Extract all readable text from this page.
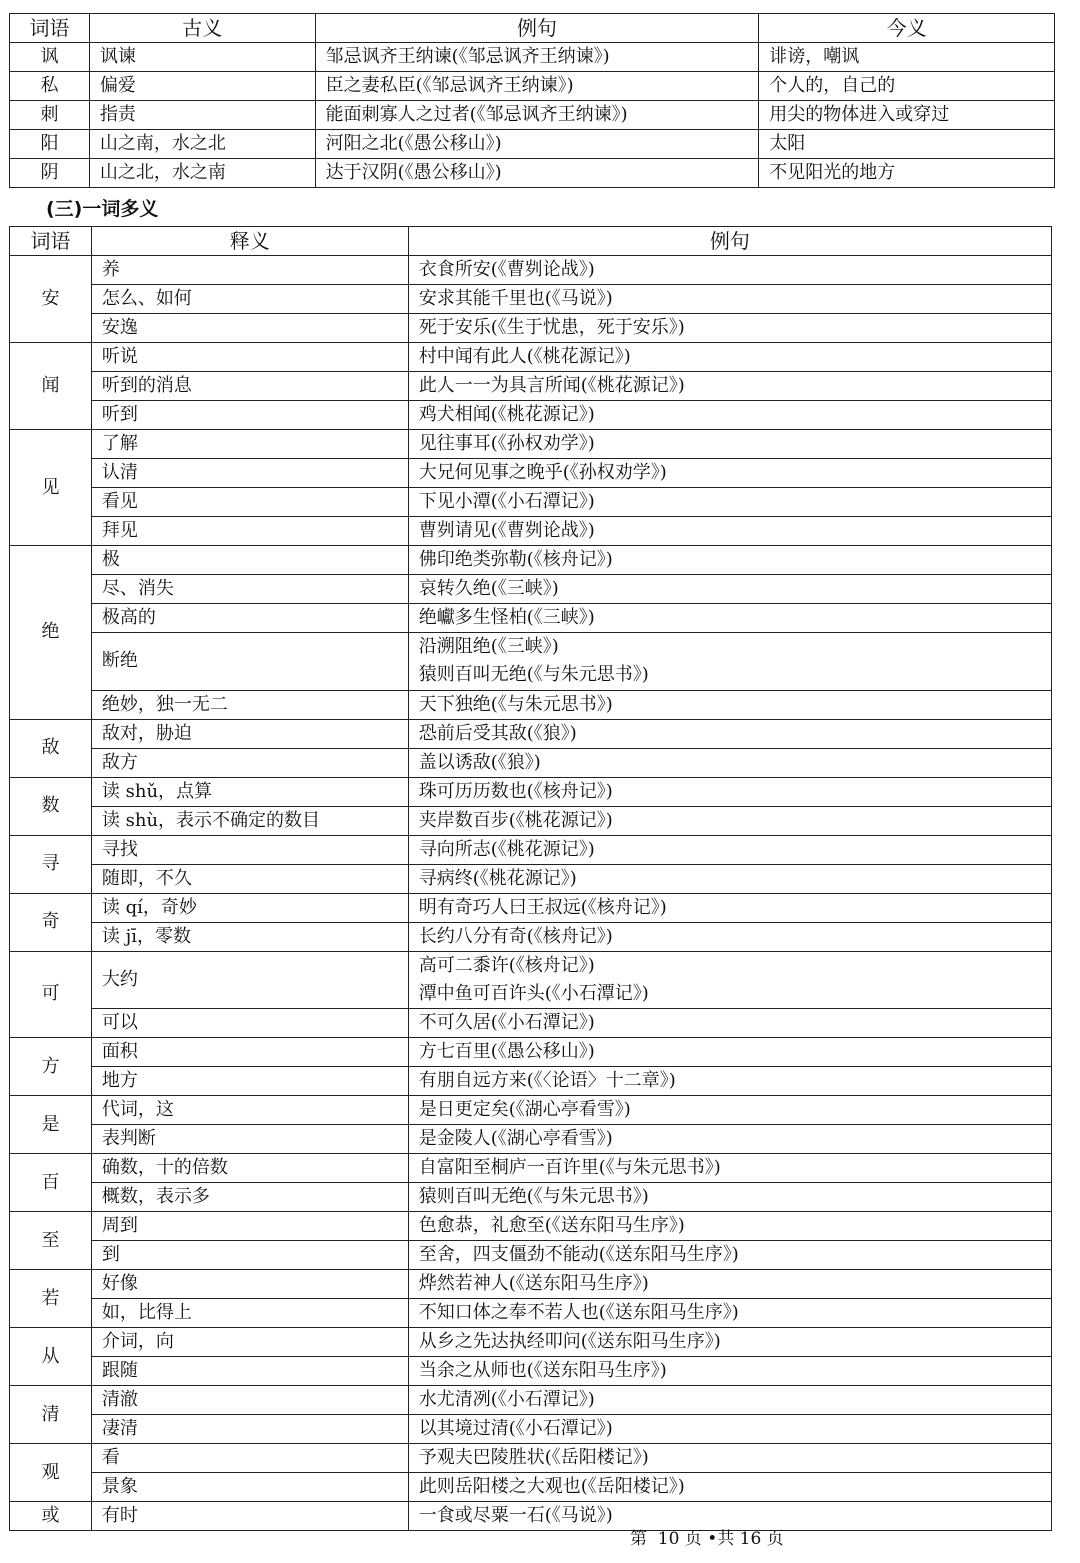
词语	古义	例句	今义
讽	讽谏	邹忌讽齐王纳谏(《邹忌讽齐王纳谏》)	诽谤，嘲讽
私	偏爱	臣之妻私臣(《邹忌讽齐王纳谏》)	个人的，自己的
刺	指责	能面刺寡人之过者(《邹忌讽齐王纳谏》)	用尖的物体进入或穿过
阳	山之南，水之北	河阳之北(《愚公移山》)	太阳
阴	山之北，水之南	达于汉阴(《愚公移山》)	不见阳光的地方
(三)一词多义
词语	释义	例句
安	养	衣食所安(《曹刿论战》)
	怎么、如何	安求其能千里也(《马说》)
	安逸	死于安乐(《生于忧患，死于安乐》)
闻	听说	村中闻有此人(《桃花源记》)
	听到的消息	此人一一为具言所闻(《桃花源记》)
	听到	鸡犬相闻(《桃花源记》)
见	了解	见往事耳(《孙权劝学》)
	认清	大兄何见事之晚乎(《孙权劝学》)
	看见	下见小潭(《小石潭记》)
	拜见	曹刿请见(《曹刿论战》)
绝	极	佛印绝类弥勒(《核舟记》)
	尽、消失	哀转久绝(《三峡》)
	极高的	绝巘多生怪柏(《三峡》)
	断绝	沿溯阻绝(《三峡》)
猿则百叫无绝(《与朱元思书》)

	绝妙，独一无二	天下独绝(《与朱元思书》)
敌	敌对，胁迫	恐前后受其敌(《狼》)
	敌方	盖以诱敌(《狼》)
数	读 shǔ，点算	珠可历历数也(《核舟记》)
	读 shù，表示不确定的数目	夹岸数百步(《桃花源记》)
寻	寻找	寻向所志(《桃花源记》)
	随即，不久	寻病终(《桃花源记》)
奇	读 qí，奇妙	明有奇巧人曰王叔远(《核舟记》)
	读 jī，零数	长约八分有奇(《核舟记》)
可	大约	高可二黍许(《核舟记》)
潭中鱼可百许头(《小石潭记》)

	可以	不可久居(《小石潭记》)
方	面积	方七百里(《愚公移山》)
	地方	有朋自远方来(《〈论语〉十二章》)
是	代词，这	是日更定矣(《湖心亭看雪》)
	表判断	是金陵人(《湖心亭看雪》)
百	确数，十的倍数	自富阳至桐庐一百许里(《与朱元思书》)
	概数，表示多	猿则百叫无绝(《与朱元思书》)
至	周到	色愈恭，礼愈至(《送东阳马生序》)
	到	至舍，四支僵劲不能动(《送东阳马生序》)
若	好像	烨然若神人(《送东阳马生序》)
	如，比得上	不知口体之奉不若人也(《送东阳马生序》)
从	介词，向	从乡之先达执经叩问(《送东阳马生序》)
	跟随	当余之从师也(《送东阳马生序》)
清	清澈	水尤清冽(《小石潭记》)
	凄清	以其境过清(《小石潭记》)
观	看	予观夫巴陵胜状(《岳阳楼记》)
	景象	此则岳阳楼之大观也(《岳阳楼记》)
或	有时	一食或尽粟一石(《马说》)

第  10 页 •共 16 页
